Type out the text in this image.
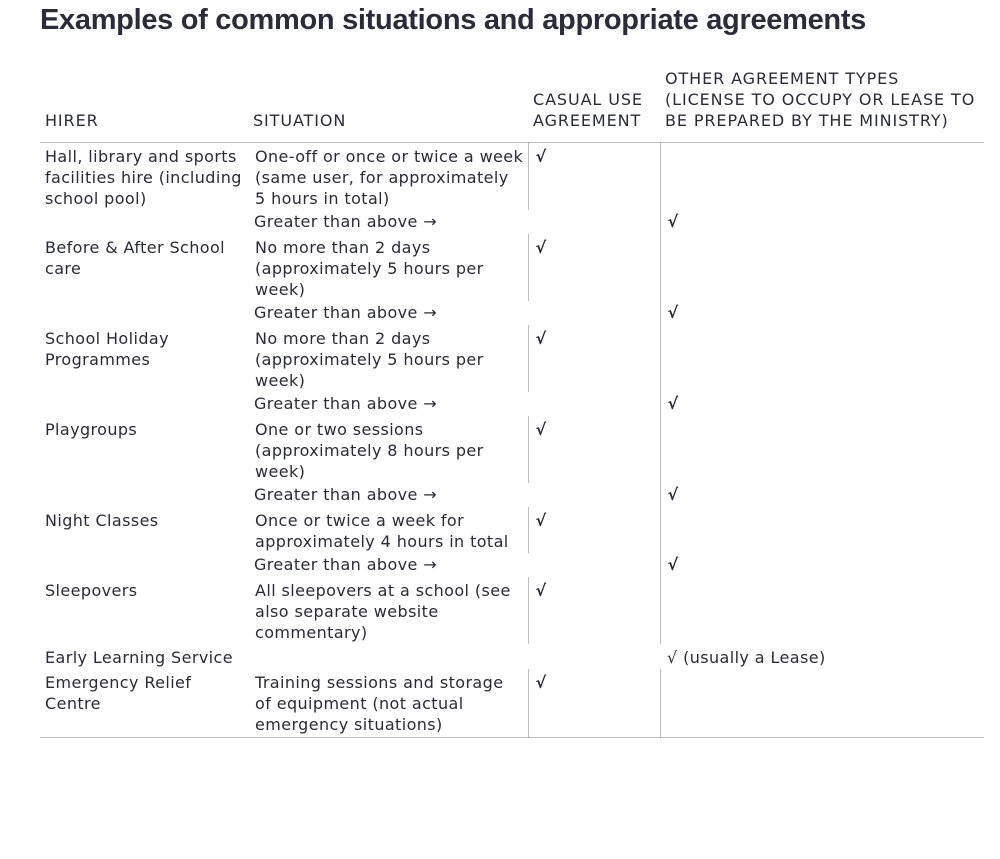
Examples of common situations and appropriate agreements
HIRER	SITUATION	CASUAL USE AGREEMENT	OTHER AGREEMENT TYPES (LICENSE TO OCCUPY OR LEASE TO BE PREPARED BY THE MINISTRY)
Hall, library and sports facilities hire (including school pool)	One-off or once or twice a week (same user, for approximately 5 hours in total)	√	
	Greater than above →		√
Before & After School care	No more than 2 days (approximately 5 hours per week)	√	
	Greater than above →		√
School Holiday Programmes	No more than 2 days (approximately 5 hours per week)	√	
	Greater than above →		√
Playgroups	One or two sessions (approximately 8 hours per week)	√	
	Greater than above →		√
Night Classes	Once or twice a week for approximately 4 hours in total	√	
	Greater than above →		√
Sleepovers	All sleepovers at a school (see also separate website commentary)	√	
Early Learning Service			√ (usually a Lease)
Emergency Relief Centre	Training sessions and storage of equipment (not actual emergency situations)	√	
